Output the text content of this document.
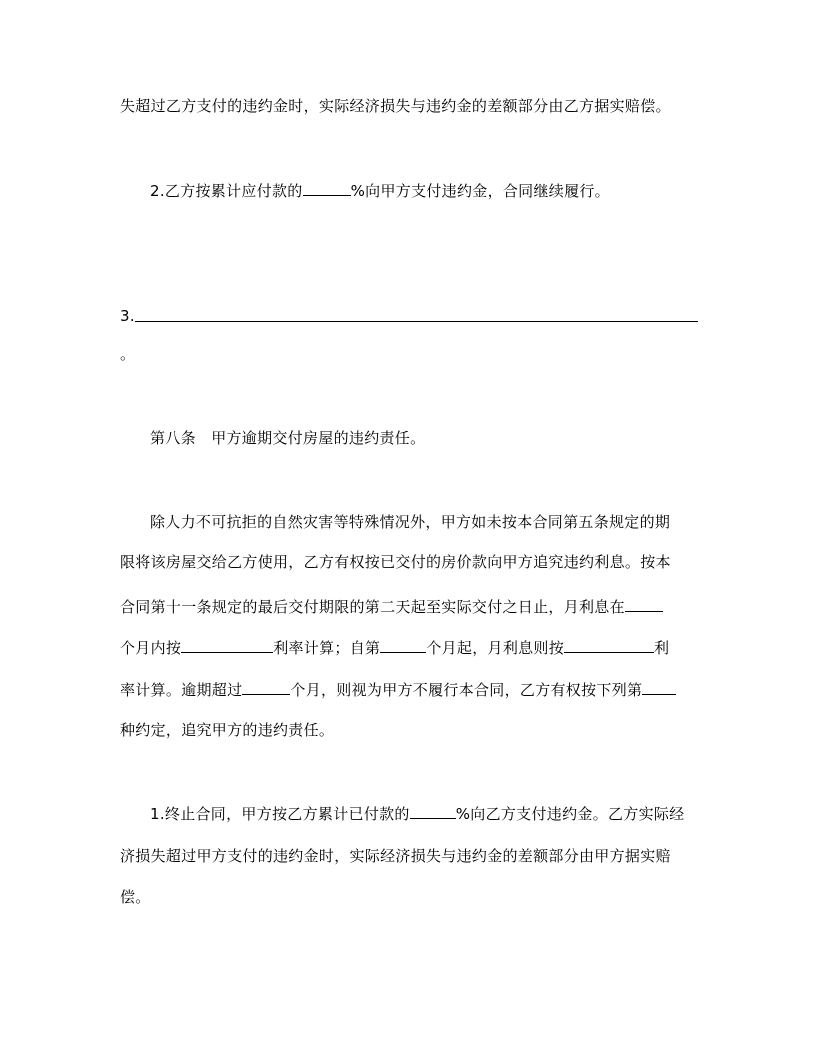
失超过乙方支付的违约金时，实际经济损失与违约金的差额部分由乙方据实赔偿。
2.乙方按累计应付款的	%向甲方支付违约金，合同继续履行。
3.
。
第八条　甲方逾期交付房屋的违约责任。
除人力不可抗拒的自然灾害等特殊情况外，甲方如未按本合同第五条规定的期
限将该房屋交给乙方使用，乙方有权按已交付的房价款向甲方追究违约利息。按本
合同第十一条规定的最后交付期限的第二天起至实际交付之日止，月利息在
个月内按	利率计算；自第	个月起，月利息则按	利
率计算。逾期超过	个月，则视为甲方不履行本合同，乙方有权按下列第
种约定，追究甲方的违约责任。
1.终止合同，甲方按乙方累计已付款的	%向乙方支付违约金。乙方实际经
济损失超过甲方支付的违约金时，实际经济损失与违约金的差额部分由甲方据实赔
偿。
